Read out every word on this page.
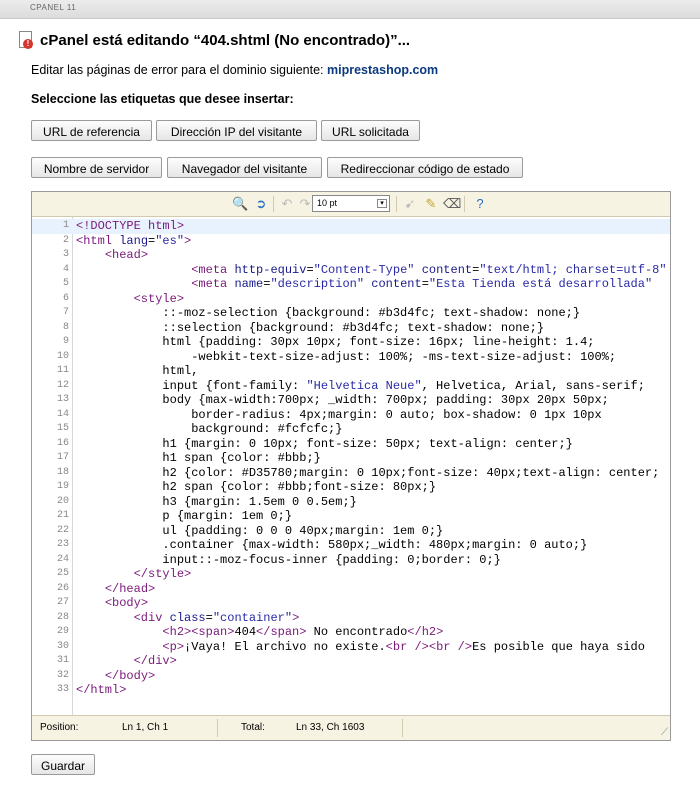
CPANEL 11
! cPanel está editando “404.shtml (No encontrado)”...
Editar las páginas de error para el dominio siguiente: miprestashop.com
Seleccione las etiquetas que desee insertar:
URL de referencia	Dirección IP del visitante	URL solicitada
Nombre de servidor	Navegador del visitante	Redireccionar código de estado
🔍 ➲ ↶ ↷ 10 pt	▾ ➹ ✎ ⌫	?
1 <!DOCTYPE html>
2 <html lang="es">
3	<head>
4	<meta http-equiv="Content-Type" content="text/html; charset=utf-8"
5	<meta name="description" content="Esta Tienda está desarrollada"
6	<style>
7 ::-moz-selection {background: #b3d4fc; text-shadow: none;}
8 ::selection {background: #b3d4fc; text-shadow: none;}
9 html {padding: 30px 10px; font-size: 16px; line-height: 1.4;
10 -webkit-text-size-adjust: 100%; -ms-text-size-adjust: 100%;
11 html,
12 input {font-family: "Helvetica Neue", Helvetica, Arial, sans-serif;
13 body {max-width:700px; _width: 700px; padding: 30px 20px 50px;
14 border-radius: 4px;margin: 0 auto; box-shadow: 0 1px 10px
15 background: #fcfcfc;}
16 h1 {margin: 0 10px; font-size: 50px; text-align: center;}
17 h1 span {color: #bbb;}
18 h2 {color: #D35780;margin: 0 10px;font-size: 40px;text-align: center;
19 h2 span {color: #bbb;font-size: 80px;}
20 h3 {margin: 1.5em 0 0.5em;}
21 p {margin: 1em 0;}
22 ul {padding: 0 0 0 40px;margin: 1em 0;}
23 .container {max-width: 580px;_width: 480px;margin: 0 auto;}
24 input::-moz-focus-inner {padding: 0;border: 0;}
25	</style>
26	</head>
27	<body>
28	<div class="container">
29	<h2><span>404</span> No encontrado</h2>
30	<p>¡Vaya! El archivo no existe.<br /><br />Es posible que haya sido
31	</div>
32	</body>
33 </html>
Position:	Ln 1, Ch 1	Total:	Ln 33, Ch 1603	⟋
Guardar
